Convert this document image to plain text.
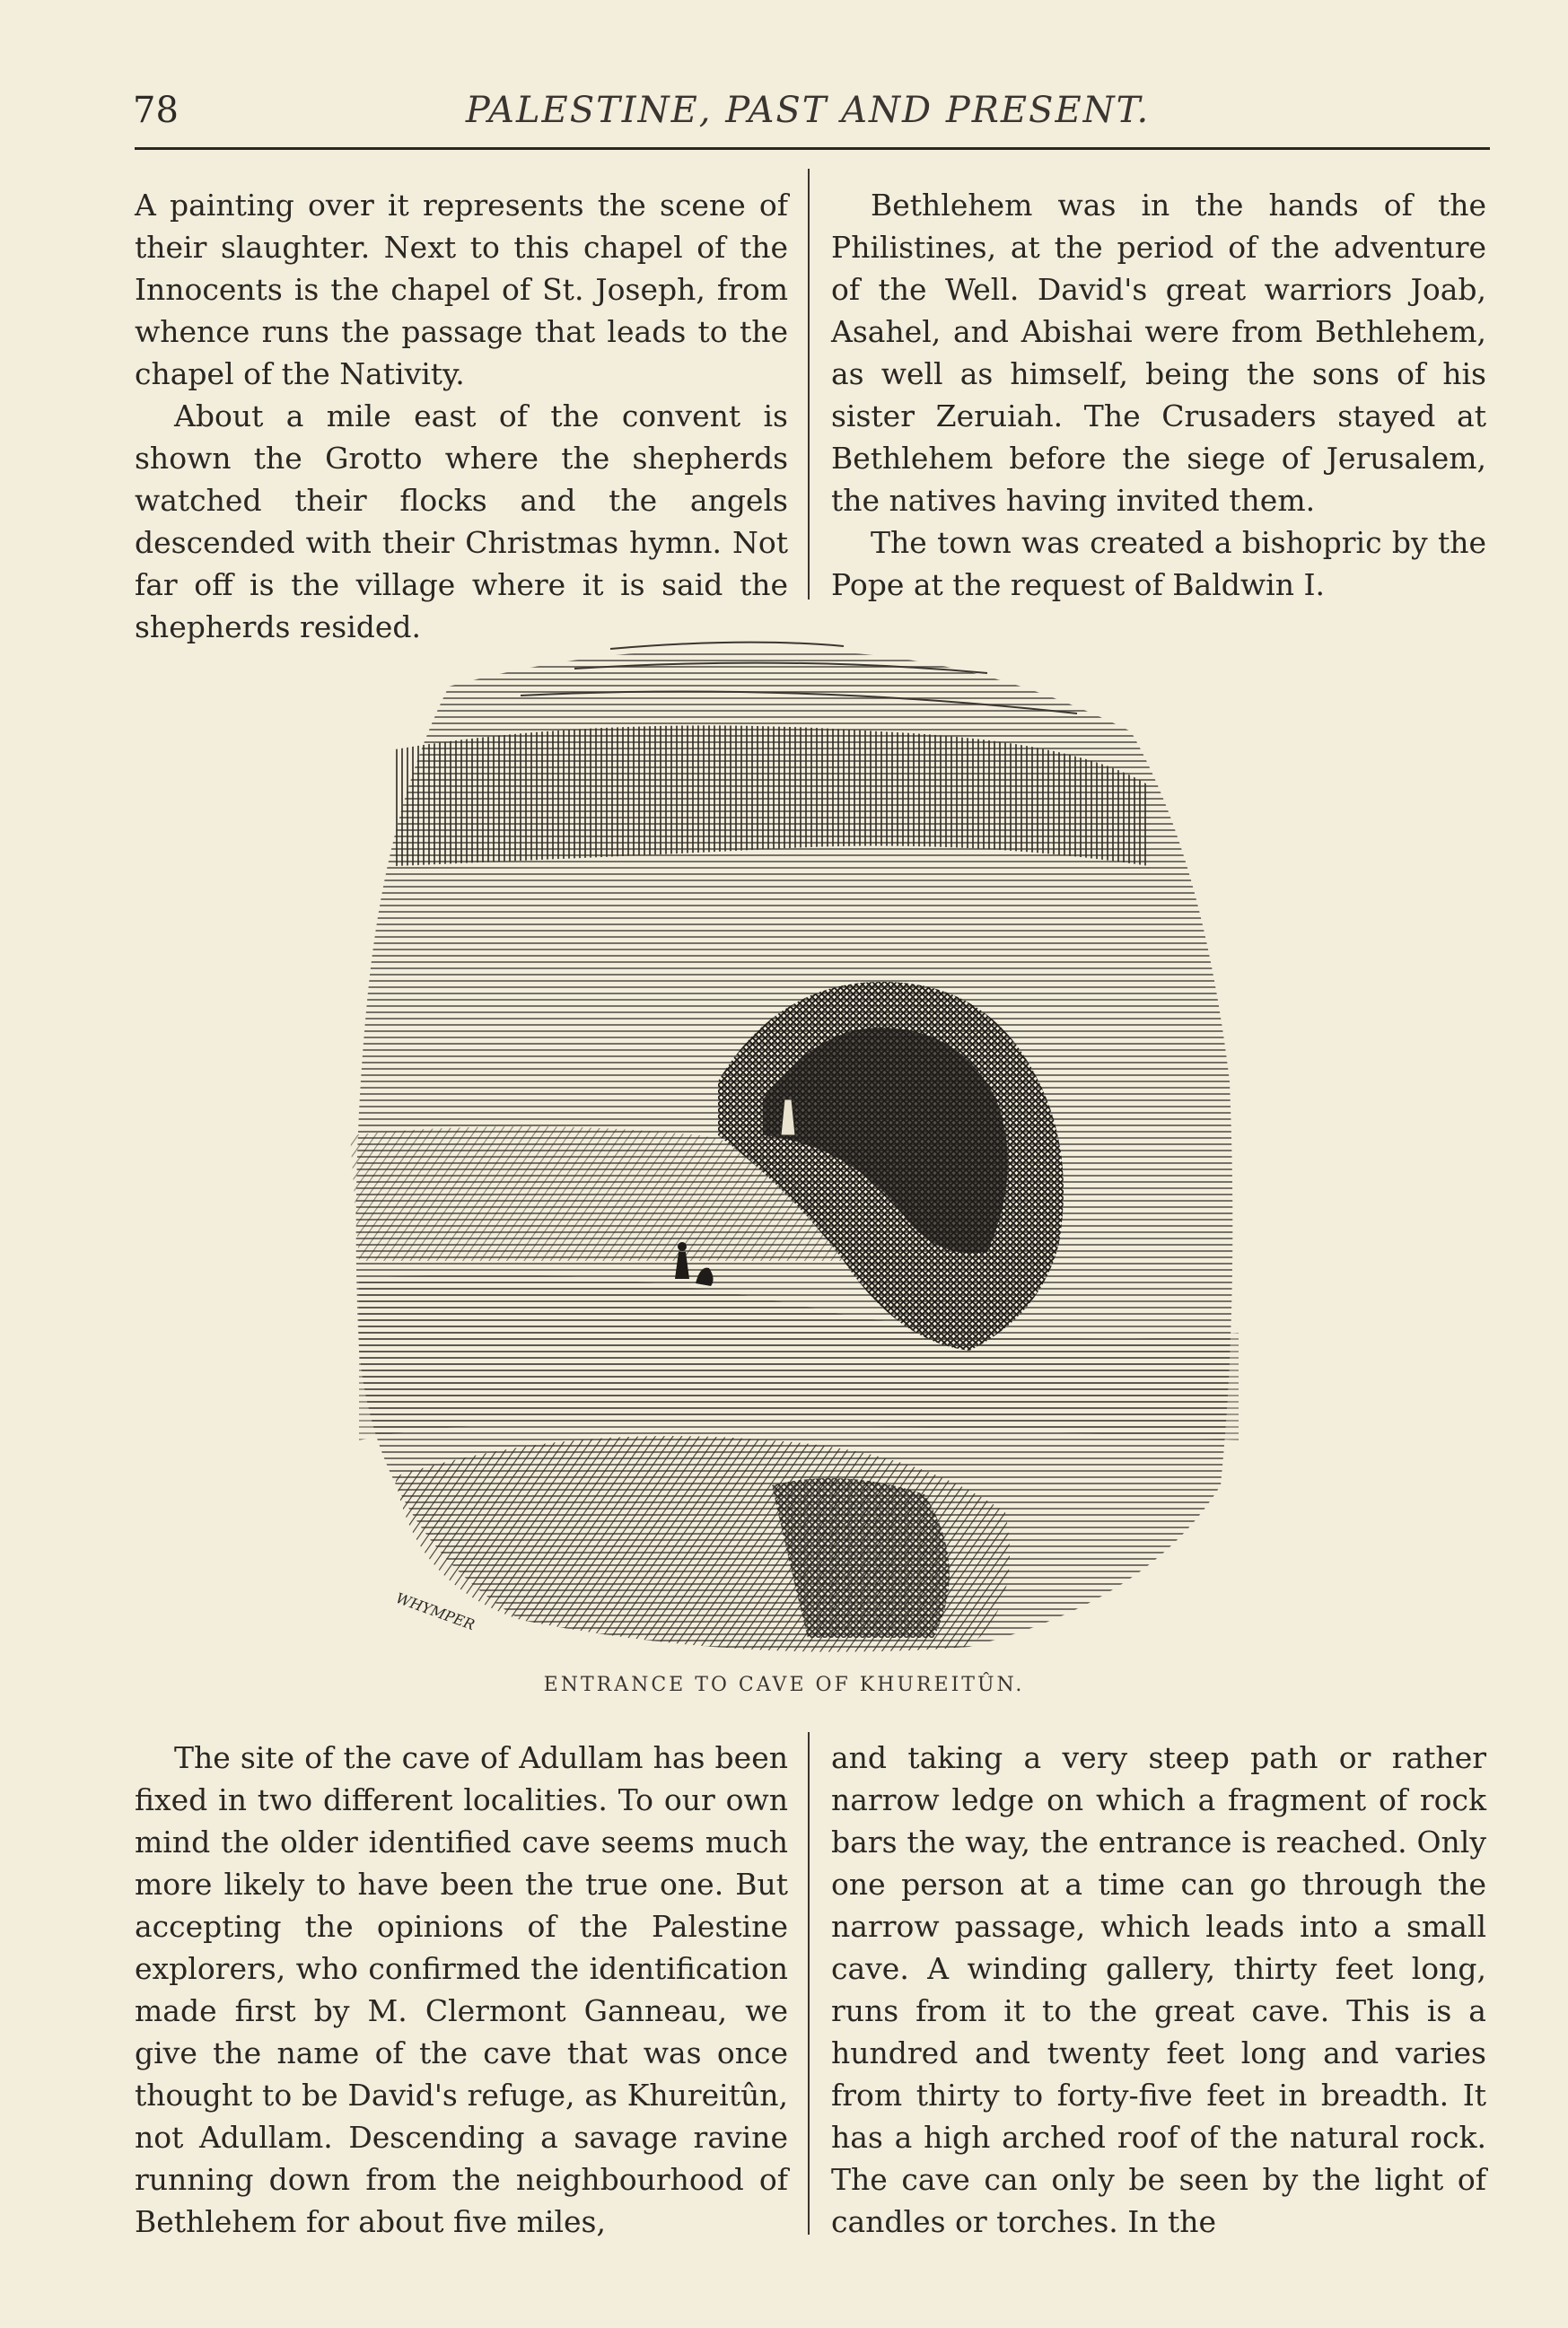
78	PALESTINE, PAST AND PRESENT.

A painting over it represents the scene of their slaughter. Next to this chapel of the Innocents is the chapel of St. Joseph, from whence runs the passage that leads to the chapel of the Nativity.

About a mile east of the convent is shown the Grotto where the shepherds watched their flocks and the angels descended with their Christmas hymn. Not far off is the village where it is said the shepherds resided.

Bethlehem was in the hands of the Philistines, at the period of the adventure of the Well. David's great warriors Joab, Asahel, and Abishai were from Bethlehem, as well as himself, being the sons of his sister Zeruiah. The Crusaders stayed at Bethlehem before the siege of Jerusalem, the natives having invited them.

The town was created a bishopric by the Pope at the request of Baldwin I.

WHYMPER
ENTRANCE TO CAVE OF KHUREITÛN.

The site of the cave of Adullam has been fixed in two different localities. To our own mind the older identified cave seems much more likely to have been the true one. But accepting the opinions of the Palestine explorers, who confirmed the identification made first by M. Clermont Ganneau, we give the name of the cave that was once thought to be David's refuge, as Khureitûn, not Adullam. Descending a savage ravine running down from the neighbourhood of Bethlehem for about five miles,

and taking a very steep path or rather narrow ledge on which a fragment of rock bars the way, the entrance is reached. Only one person at a time can go through the narrow passage, which leads into a small cave. A winding gallery, thirty feet long, runs from it to the great cave. This is a hundred and twenty feet long and varies from thirty to forty-five feet in breadth. It has a high arched roof of the natural rock. The cave can only be seen by the light of candles or torches. In the
